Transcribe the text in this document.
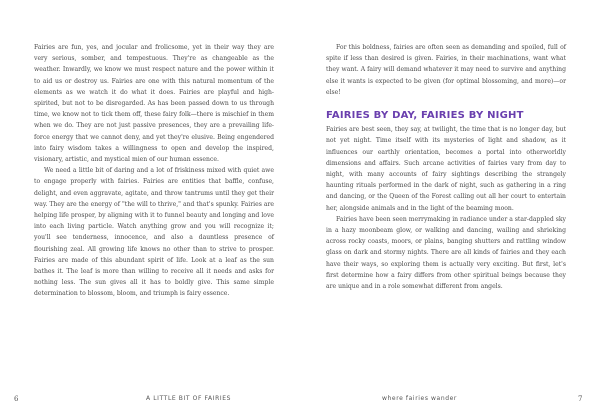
Fairies are fun, yes, and jocular and frolicsome, yet in their way they are very serious, somber, and tempestuous. They're as changeable as the weather. Inwardly, we know we must respect nature and the power within it to aid us or destroy us. Fairies are one with this natural momentum of the elements as we watch it do what it does. Fairies are playful and high-spirited, but not to be disregarded. As has been passed down to us through time, we know not to tick them off, these fairy folk—there is mischief in them when we do. They are not just passive presences, they are a prevailing life-force energy that we cannot deny, and yet they're elusive. Being engendered into fairy wisdom takes a willingness to open and develop the inspired, visionary, artistic, and mystical mien of our human essence.

We need a little bit of daring and a lot of friskiness mixed with quiet awe to engage properly with fairies. Fairies are entities that baffle, confuse, delight, and even aggravate, agitate, and throw tantrums until they get their way. They are the energy of "the will to thrive," and that's spunky. Fairies are helping life prosper, by aligning with it to funnel beauty and longing and love into each living particle. Watch anything grow and you will recognize it; you'll see tenderness, innocence, and also a dauntless presence of flourishing zeal. All growing life knows no other than to strive to prosper. Fairies are made of this abundant spirit of life. Look at a leaf as the sun bathes it. The leaf is more than willing to receive all it needs and asks for nothing less. The sun gives all it has to boldly give. This same simple determination to blossom, bloom, and triumph is fairy essence.

For this boldness, fairies are often seen as demanding and spoiled, full of spite if less than desired is given. Fairies, in their machinations, want what they want. A fairy will demand whatever it may need to survive and anything else it wants is expected to be given (for optimal blossoming, and more)—or else!

FAIRIES BY DAY, FAIRIES BY NIGHT

Fairies are best seen, they say, at twilight, the time that is no longer day, but not yet night. Time itself with its mysteries of light and shadow, as it influences our earthly orientation, becomes a portal into otherworldly dimensions and affairs. Such arcane activities of fairies vary from day to night, with many accounts of fairy sightings describing the strangely haunting rituals performed in the dark of night, such as gathering in a ring and dancing, or the Queen of the Forest calling out all her court to entertain her, alongside animals and in the light of the beaming moon.

Fairies have been seen merrymaking in radiance under a star-dappled sky in a hazy moonbeam glow, or walking and dancing, wailing and shrieking across rocky coasts, moors, or plains, banging shutters and rattling window glass on dark and stormy nights. There are all kinds of fairies and they each have their ways, so exploring them is actually very exciting. But first, let's first determine how a fairy differs from other spiritual beings because they are unique and in a role somewhat different from angels.

6	A LITTLE BIT OF FAIRIES	where fairies wander	7
